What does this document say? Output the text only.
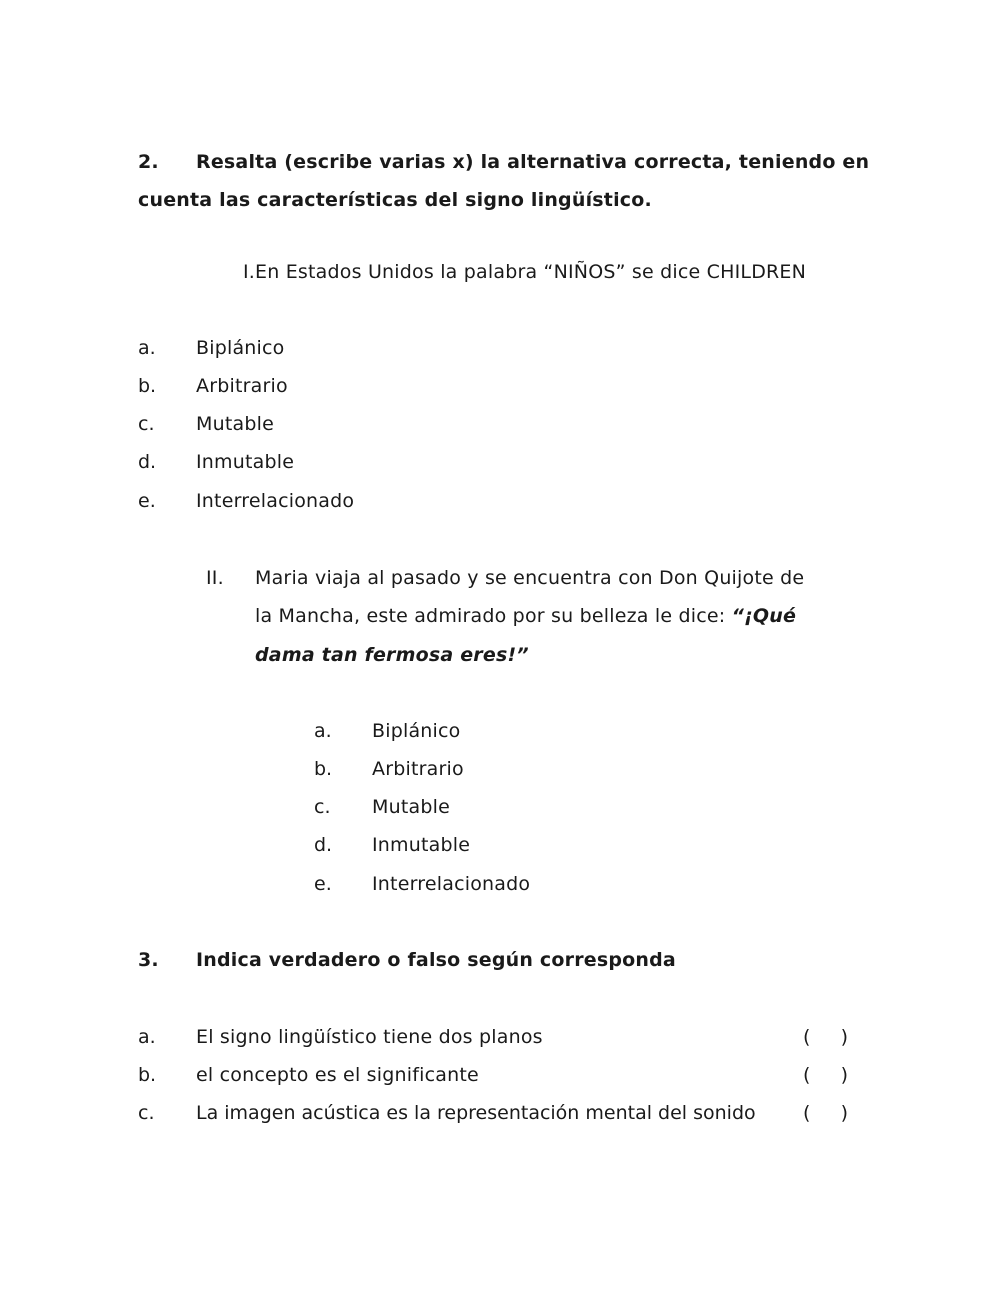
2. Resalta (escribe varias x) la alternativa correcta, teniendo en
cuenta las características del signo lingüístico.
I.En Estados Unidos la palabra “NIÑOS” se dice CHILDREN
a. Biplánico
b. Arbitrario
c. Mutable
d. Inmutable
e. Interrelacionado
II. Maria viaja al pasado y se encuentra con Don Quijote de
la Mancha, este admirado por su belleza le dice: “¡Qué
dama tan fermosa eres!”
a. Biplánico
b. Arbitrario
c. Mutable
d. Inmutable
e. Interrelacionado
3. Indica verdadero o falso según corresponda
a. El signo lingüístico tiene dos planos	(     )
b. el concepto es el significante	(     )
c. La imagen acústica es la representación mental del sonido (     )
